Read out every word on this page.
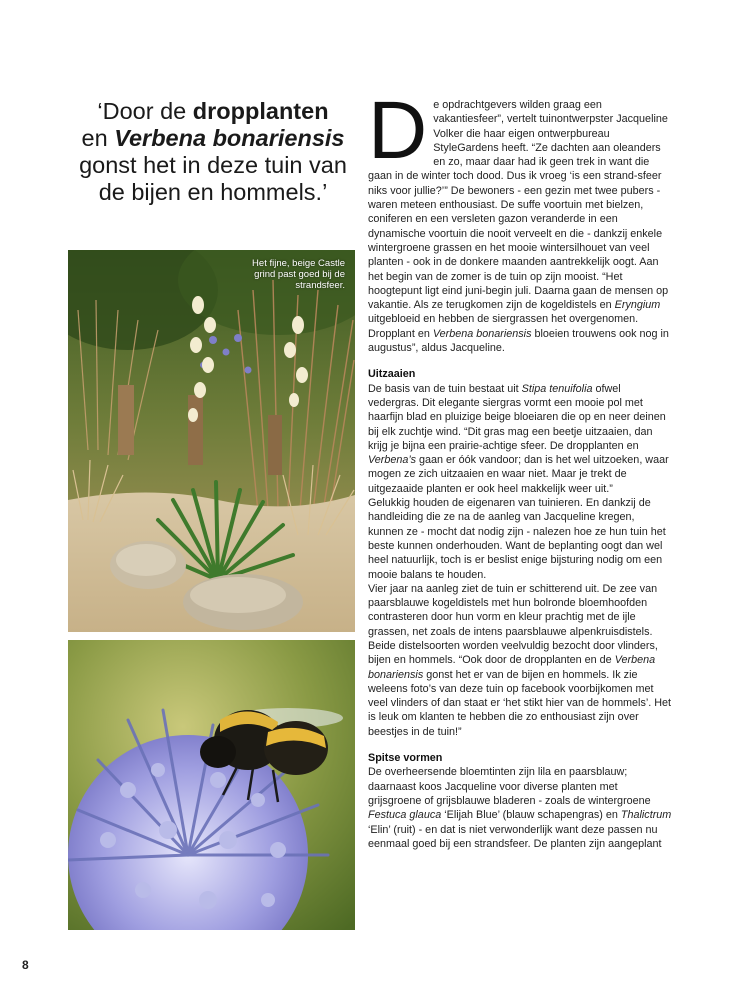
‘Door de dropplanten
en Verbena bonariensis
gonst het in deze tuin van de bijen en hommels.’
Het fijne, beige Castle grind past goed bij de strandsfeer.

De opdrachtgevers wilden graag een vakantiesfeer”, vertelt tuinontwerpster Jacqueline Volker die haar eigen ontwerpbureau StyleGardens heeft. “Ze dachten aan oleanders en zo, maar daar had ik geen trek in want die gaan in de winter toch dood. Dus ik vroeg ‘is een strand-sfeer niks voor jullie?’” De bewoners - een gezin met twee pubers - waren meteen enthousiast. De suffe voortuin met bielzen, coniferen en een versleten gazon veranderde in een dynamische voortuin die nooit verveelt en die - dankzij enkele wintergroene grassen en het mooie wintersilhouet van veel planten - ook in de donkere maanden aantrekkelijk oogt. Aan het begin van de zomer is de tuin op zijn mooist. “Het hoogtepunt ligt eind juni-begin juli. Daarna gaan de mensen op vakantie. Als ze terugkomen zijn de kogeldistels en Eryngium uitgebloeid en hebben de siergrassen het overgenomen. Dropplant en Verbena bonariensis bloeien trouwens ook nog in augustus”, aldus Jacqueline.

Uitzaaien

De basis van de tuin bestaat uit Stipa tenuifolia ofwel vedergras. Dit elegante siergras vormt een mooie pol met haarfijn blad en pluizige beige bloeiaren die op en neer deinen bij elk zuchtje wind. “Dit gras mag een beetje uitzaaien, dan krijg je bijna een prairie-achtige sfeer. De dropplanten en Verbena’s gaan er óók vandoor; dan is het wel uitzoeken, waar mogen ze zich uitzaaien en waar niet. Maar je trekt de uitgezaaide planten er ook heel makkelijk weer uit.”

Gelukkig houden de eigenaren van tuinieren. En dankzij de handleiding die ze na de aanleg van Jacqueline kregen, kunnen ze - mocht dat nodig zijn - nalezen hoe ze hun tuin het beste kunnen onderhouden. Want de beplanting oogt dan wel heel natuurlijk, toch is er beslist enige bijsturing nodig om een mooie balans te houden.

Vier jaar na aanleg ziet de tuin er schitterend uit. De zee van paarsblauwe kogeldistels met hun bolronde bloemhoofden contrasteren door hun vorm en kleur prachtig met de ijle grassen, net zoals de intens paarsblauwe alpenkruisdistels. Beide distelsoorten worden veelvuldig bezocht door vlinders, bijen en hommels. “Ook door de dropplanten en de Verbena bonariensis gonst het er van de bijen en hommels. Ik zie weleens foto’s van deze tuin op facebook voorbijkomen met veel vlinders of dan staat er ‘het stikt hier van de hommels’. Het is leuk om klanten te hebben die zo enthousiast zijn over beestjes in de tuin!”

Spitse vormen

De overheersende bloemtinten zijn lila en paarsblauw; daarnaast koos Jacqueline voor diverse planten met grijsgroene of grijsblauwe bladeren - zoals de wintergroene Festuca glauca ‘Elijah Blue’ (blauw schapengras) en Thalictrum ‘Elin’ (ruit) - en dat is niet verwonderlijk want deze passen nu eenmaal goed bij een strandsfeer. De planten zijn aangeplant

8
